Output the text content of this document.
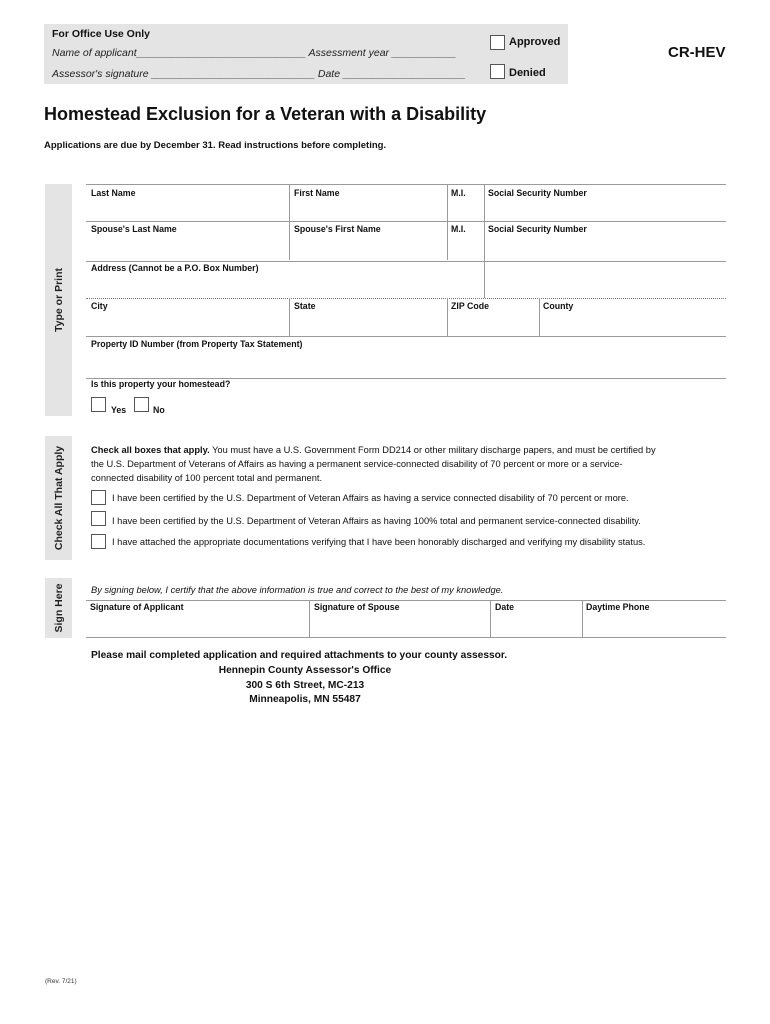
For Office Use Only
Name of applicant_____________________________ Assessment year ___________
Assessor's signature ____________________________ Date _____________________
Approved
Denied
CR-HEV
Homestead Exclusion for a Veteran with a Disability
Applications are due by December 31. Read instructions before completing.
Type or Print
Check All That Apply
Sign Here
Last Name	First Name	M.I.	Social Security Number
Spouse's Last Name	Spouse's First Name	M.I.	Social Security Number
Address (Cannot be a P.O. Box Number)
City	State	ZIP Code	County
Property ID Number (from Property Tax Statement)
Is this property your homestead?
Yes	No
Check all boxes that apply. You must have a U.S. Government Form DD214 or other military discharge papers, and must be certified by
the U.S. Department of Veterans of Affairs as having a permanent service-connected disability of 70 percent or more or a service-
connected disability of 100 percent total and permanent.
I have been certified by the U.S. Department of Veteran Affairs as having a service connected disability of 70 percent or more.
I have been certified by the U.S. Department of Veteran Affairs as having 100% total and permanent service-connected disability.
I have attached the appropriate documentations verifying that I have been honorably discharged and verifying my disability status.
By signing below, I certify that the above information is true and correct to the best of my knowledge.
Signature of Applicant	Signature of Spouse	Date	Daytime Phone
Please mail completed application and required attachments to your county assessor.
Hennepin County Assessor's Office
300 S 6th Street, MC-213
Minneapolis, MN 55487
(Rev. 7/21)
